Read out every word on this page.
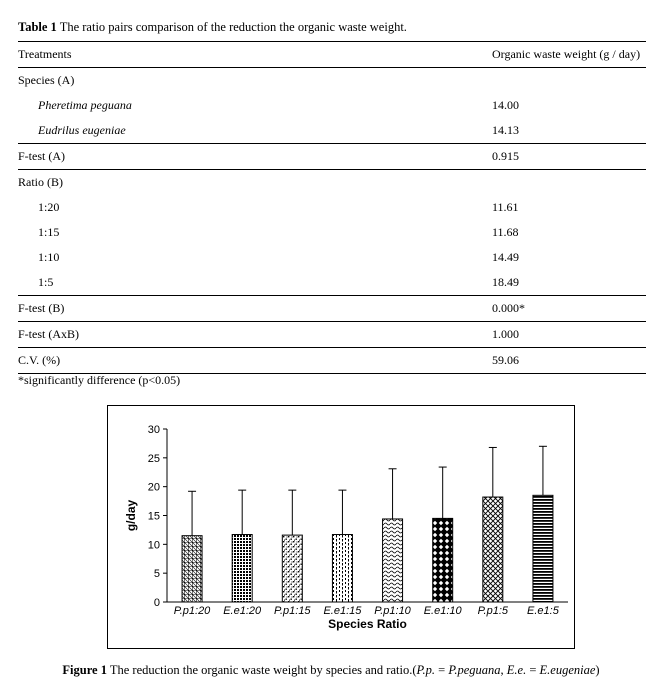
Table 1 The ratio pairs comparison of the reduction the organic waste weight.
Treatments	Organic waste weight (g / day)
Species (A)	
Pheretima peguana	14.00
Eudrilus eugeniae	14.13
F-test (A)	0.915
Ratio (B)	
1:20	11.61
1:15	11.68
1:10	14.49
1:5	18.49
F-test (B)	0.000*
F-test (AxB)	1.000
C.V. (%)	59.06
*significantly difference (p<0.05)
0
5
10
15
20
25
30
P.p1:20 E.e1:20 P.p1:15 E.e1:15 P.p1:10 E.e1:10 P.p1:5 E.e1:5
Species Ratio
g/day
Figure 1 The reduction the organic waste weight by species and ratio.(P.p. = P.peguana, E.e. = E.eugeniae)
